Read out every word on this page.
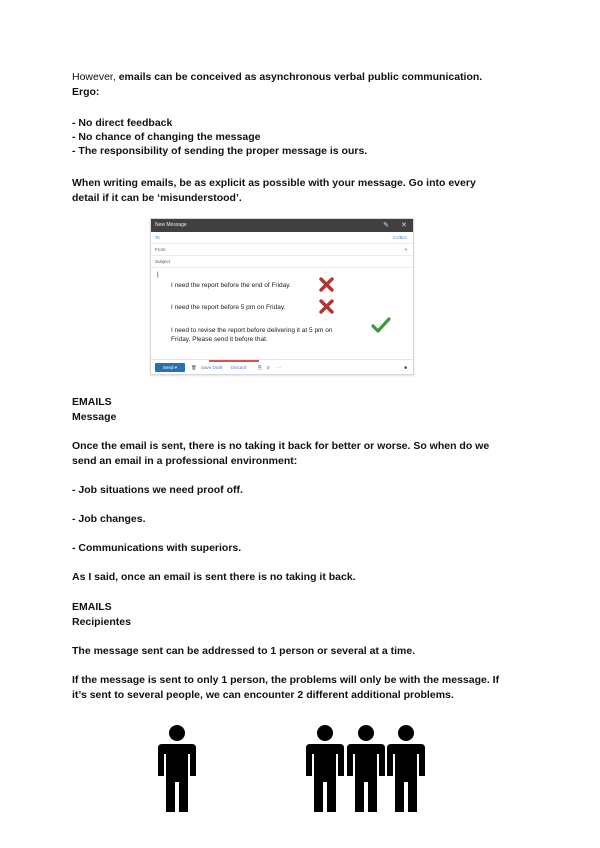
However, emails can be conceived as asynchronous verbal public communication.
Ergo:
- No direct feedback
- No chance of changing the message
- The responsibility of sending the proper message is ours.
When writing emails, be as explicit as possible with your message. Go into every
detail if it can be ‘misunderstood’.
New Message	✎ ✕
To	Cc/Bcc
From	▾
Subject
|
I need the report before the end of Friday.
I need the report before 5 pm on Friday.
I need to revise the report before delivering it at 5 pm on
Friday. Please send it before that.
Send ▾	🗑 Save Draft Discard	⎘ 0 ···	■
EMAILS
Message
Once the email is sent, there is no taking it back for better or worse. So when do we
send an email in a professional environment:
- Job situations we need proof off.
- Job changes.
- Communications with superiors.
As I said, once an email is sent there is no taking it back.
EMAILS
Recipientes
The message sent can be addressed to 1 person or several at a time.
If the message is sent to only 1 person, the problems will only be with the message. If
it’s sent to several people, we can encounter 2 different additional problems.
